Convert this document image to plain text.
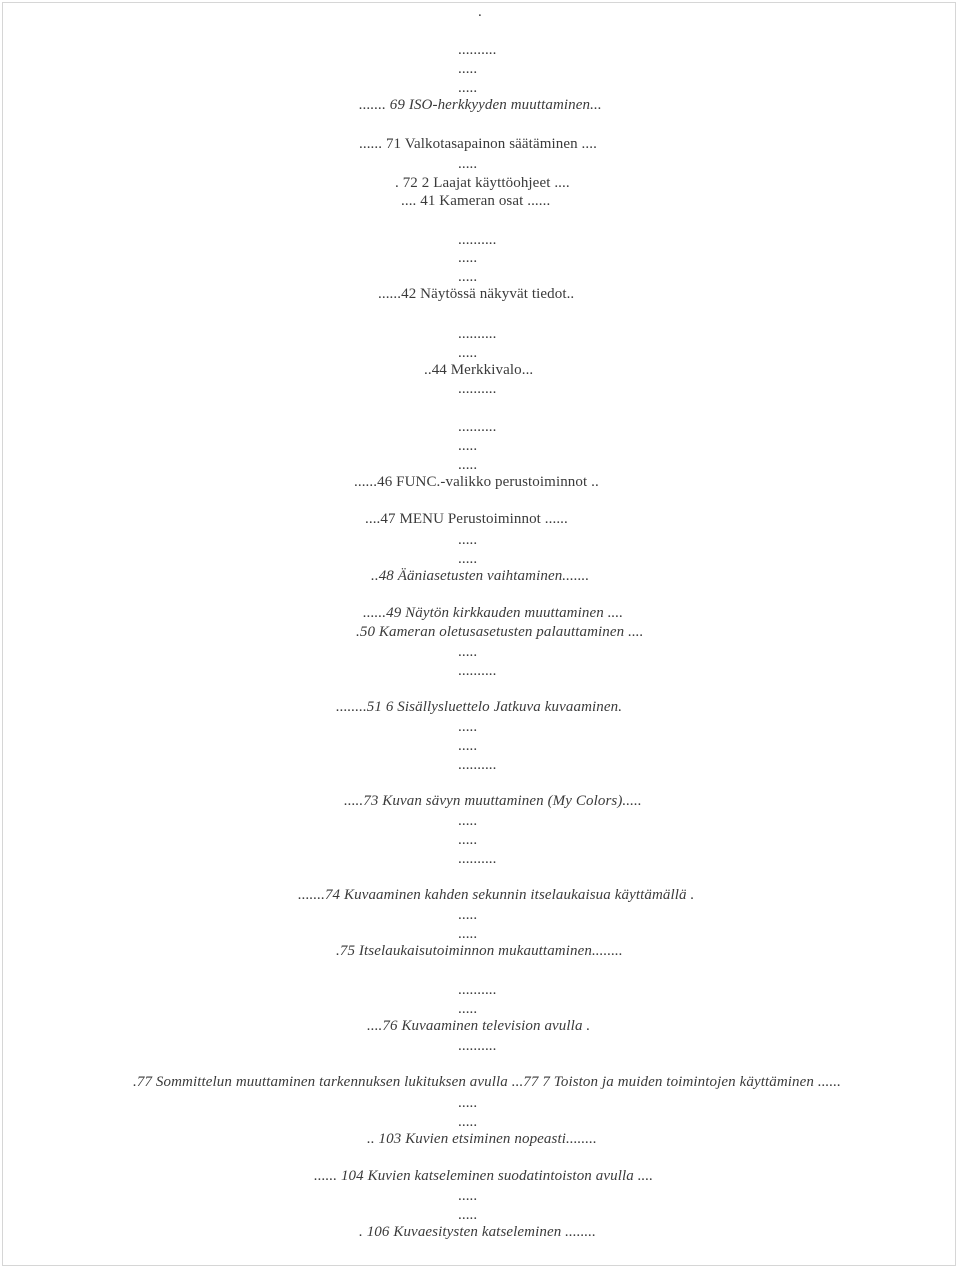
.
..........
.....
.....
....... 69 ISO-herkkyyden muuttaminen...
...... 71 Valkotasapainon säätäminen ....
.....
. 72 2 Laajat käyttöohjeet ....
.... 41 Kameran osat ......
..........
.....
.....
......42 Näytössä näkyvät tiedot..
..........
.....
..44 Merkkivalo...
..........
..........
.....
.....
......46 FUNC.-valikko perustoiminnot ..
....47 MENU Perustoiminnot ......
.....
.....
..48 Ääniasetusten vaihtaminen.......
......49 Näytön kirkkauden muuttaminen ....
.50 Kameran oletusasetusten palauttaminen ....
.....
..........
........51 6 Sisällysluettelo Jatkuva kuvaaminen.
.....
.....
..........
.....73 Kuvan sävyn muuttaminen (My Colors).....
.....
.....
..........
.......74 Kuvaaminen kahden sekunnin itselaukaisua käyttämällä .
.....
.....
.75 Itselaukaisutoiminnon mukauttaminen........
..........
.....
....76 Kuvaaminen television avulla .
..........
.77 Sommittelun muuttaminen tarkennuksen lukituksen avulla ...77 7 Toiston ja muiden toimintojen käyttäminen ......
.....
.....
.. 103 Kuvien etsiminen nopeasti........
...... 104 Kuvien katseleminen suodatintoiston avulla ....
.....
.....
. 106 Kuvaesitysten katseleminen ........
